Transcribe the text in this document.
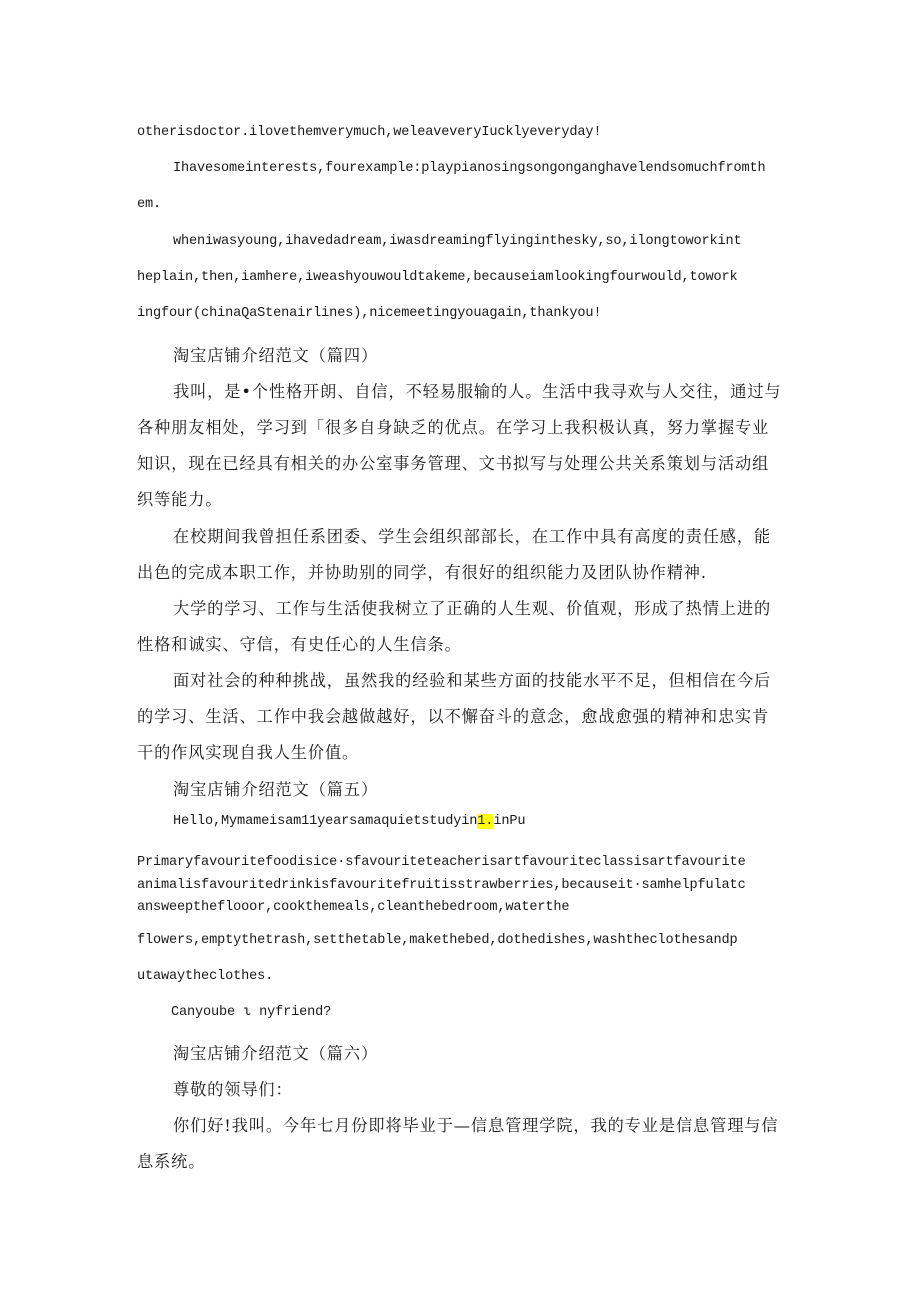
otherisdoctor.ilovethemverymuch,weleaveveryIucklyeveryday!

Ihavesomeinterests,fourexample:playpianosingsongonganghavelendsomuchfromth

em.

wheniwasyoung,ihavedadream,iwasdreamingflyinginthesky,so,ilongtoworkint

heplain,then,iamhere,iweashyouwouldtakeme,becauseiamlookingfourwould,towork

ingfour(chinaQaStenairlines),nicemeetingyouagain,thankyou!

淘宝店铺介绍范文（篇四）

我叫，是•个性格开朗、自信，不轻易服输的人。生活中我寻欢与人交往，通过与

各种朋友相处，学习到「很多自身缺乏的优点。在学习上我积极认真，努力掌握专业

知识，现在已经具有相关的办公室事务管理、文书拟写与处理公共关系策划与活动组

织等能力。

在校期间我曾担任系团委、学生会组织部部长，在工作中具有高度的责任感，能

出色的完成本职工作，并协助别的同学，有很好的组织能力及团队协作精神.

大学的学习、工作与生活使我树立了正确的人生观、价值观，形成了热情上进的

性格和诚实、守信，有史任心的人生信条。

面对社会的种种挑战，虽然我的经验和某些方面的技能水平不足，但相信在今后

的学习、生活、工作中我会越做越好，以不懈奋斗的意念，愈战愈强的精神和忠实肯

干的作风实现自我人生价值。

淘宝店铺介绍范文（篇五）

Hello,Mymameisam11yearsamaquietstudyin1.inPu

Primaryfavouritefoodisice·sfavouriteteacherisartfavouriteclassisartfavourite

animalisfavouritedrinkisfavouritefruitisstrawberries,becauseit·samhelpfulatc

answeeptheflooor,cookthemeals,cleanthebedroom,waterthe

flowers,emptythetrash,setthetable,makethebed,dothedishes,washtheclothesandp

utawaytheclothes.

Canyoube ι nyfriend?

淘宝店铺介绍范文（篇六）

尊敬的领导们：

你们好!我叫。今年七月份即将毕业于—信息管理学院，我的专业是信息管理与信

息系统。
